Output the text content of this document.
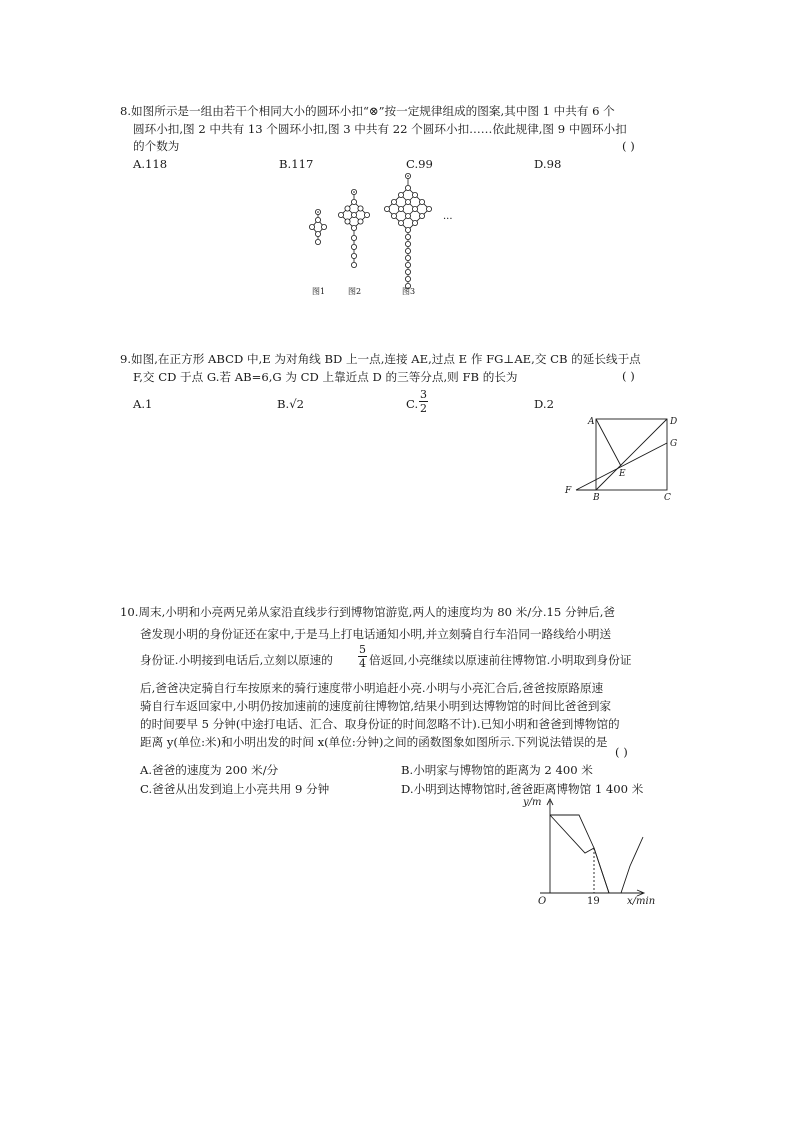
8.如图所示是一组由若干个相同大小的圆环小扣“⊗”按一定规律组成的图案,其中图 1 中共有 6 个
圆环小扣,图 2 中共有 13 个圆环小扣,图 3 中共有 22 个圆环小扣……依此规律,图 9 中圆环小扣
的个数为	( )
A.118	B.117	C.99	D.98
···
图1	图2	图3
9.如图,在正方形 ABCD 中,E 为对角线 BD 上一点,连接 AE,过点 E 作 FG⊥AE,交 CB 的延长线于点
F,交 CD 于点 G.若 AB=6,G 为 CD 上靠近点 D 的三等分点,则 FB 的长为	( )
A.1	B.√2	C.
3
2	D.2
A	D
G
E
F
B	C
10.周末,小明和小亮两兄弟从家沿直线步行到博物馆游览,两人的速度均为 80 米/分.15 分钟后,爸
爸发现小明的身份证还在家中,于是马上打电话通知小明,并立刻骑自行车沿同一路线给小明送
身份证.小明接到电话后,立刻以原速的
5
4 倍返回,小亮继续以原速前往博物馆.小明取到身份证
后,爸爸决定骑自行车按原来的骑行速度带小明追赶小亮.小明与小亮汇合后,爸爸按原路原速
骑自行车返回家中,小明仍按加速前的速度前往博物馆,结果小明到达博物馆的时间比爸爸到家
的时间要早 5 分钟(中途打电话、汇合、取身份证的时间忽略不计).已知小明和爸爸到博物馆的
距离 y(单位:米)和小明出发的时间 x(单位:分钟)之间的函数图象如图所示.下列说法错误的是
( )
A.爸爸的速度为 200 米/分	B.小明家与博物馆的距离为 2 400 米
C.爸爸从出发到追上小亮共用 9 分钟	D.小明到达博物馆时,爸爸距离博物馆 1 400 米
y/m
O	19	x/min
